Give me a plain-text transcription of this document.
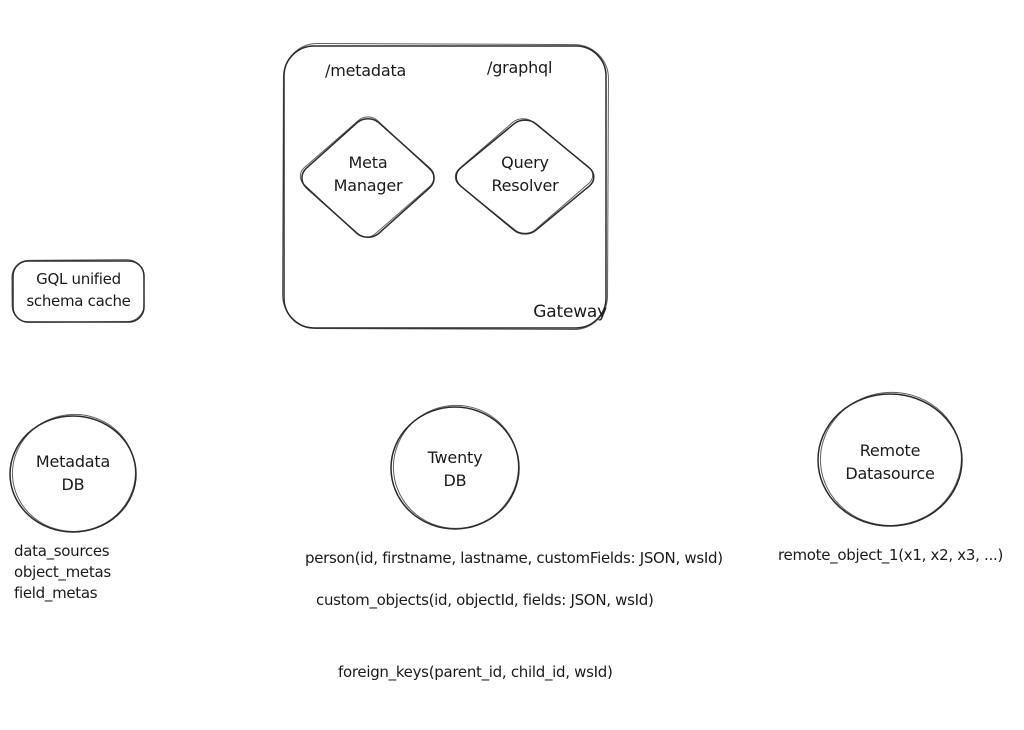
/metadata	/graphql
Meta
Manager
Query
Resolver
Gateway
GQL unified
schema cache
Metadata
DB
Twenty
DB
Remote
Datasource
data_sources
object_metas
field_metas
person(id, firstname, lastname, customFields: JSON, wsId)
custom_objects(id, objectId, fields: JSON, wsId)
foreign_keys(parent_id, child_id, wsId)
remote_object_1(x1, x2, x3, ...)
